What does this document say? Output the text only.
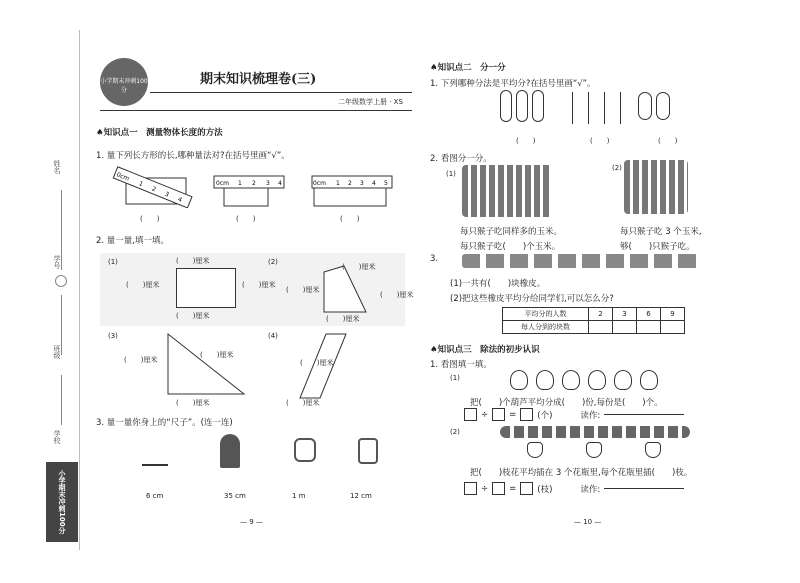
姓名
学号
班级
学校
小学期末冲刺100分
小学期末冲刺100分
期末知识梳理卷(三)
二年级数学上册 · XS
♠知识点一　测量物体长度的方法
1. 量下列长方形的长,哪种量法对?在括号里画“√”。
0cm
1
2
3
4
0cm 1 2 3 4	0cm 1 2 3 4 5
(　　)	(　　)	(　　)
2. 量一量,填一填。
(1)	(　　)厘米
(　　)厘米
(　　)厘米
(　　)厘米
(2)
(　　)厘米
(　　)厘米
(　　)厘米
(　　)厘米
(3)
(　　)厘米
(　　)厘米
(　　)厘米
(4)
(　　)厘米
(　　)厘米
3. 量一量你身上的“尺子”。(连一连)
6 cm	35 cm	1 m	12 cm
— 9 —
♠知识点二　分一分
1. 下列哪种分法是平均分?在括号里画“√”。
(　　)	(　　)	(　　)
2. 看图分一分。
(1)
(2)
每只猴子吃同样多的玉米。
每只猴子吃(　　)个玉米。
每只猴子吃 3 个玉米,
够(　　)只猴子吃。
3.
(1)一共有(　　)块橡皮。
(2)把这些橡皮平均分给同学们,可以怎么分?
平均分的人数	2	3	6	9
每人分到的块数				
♠知识点三　除法的初步认识
1. 看图填一填。
(1)
把(　　)个葫芦平均分成(　　)份,每份是(　　)个。
÷ = (个)	读作:
(2)
把(　　)枝花平均插在 3 个花瓶里,每个花瓶里插(　　)枝。
÷ = (枝)	读作:
— 10 —
